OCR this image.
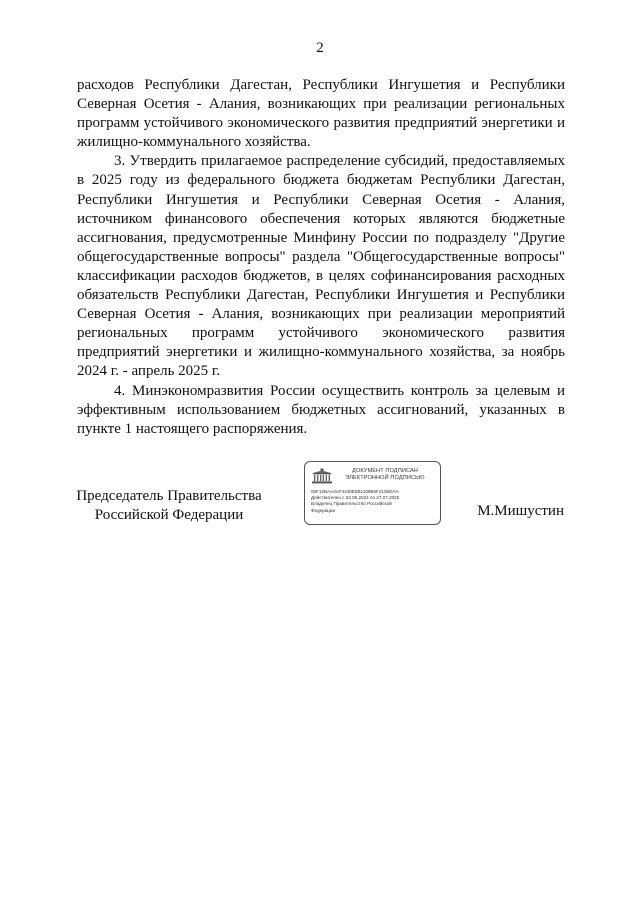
2

расходов Республики Дагестан, Республики Ингушетия и Республики Северная Осетия - Алания, возникающих при реализации региональных программ устойчивого экономического развития предприятий энергетики и жилищно-коммунального хозяйства.

3. Утвердить прилагаемое распределение субсидий, предоставляемых в 2025 году из федерального бюджета бюджетам Республики Дагестан, Республики Ингушетия и Республики Северная Осетия - Алания, источником финансового обеспечения которых являются бюджетные ассигнования, предусмотренные Минфину России по подразделу "Другие общегосударственные вопросы" раздела "Общегосударственные вопросы" классификации расходов бюджетов, в целях софинансирования расходных обязательств Республики Дагестан, Республики Ингушетия и Республики Северная Осетия - Алания, возникающих при реализации мероприятий региональных программ устойчивого экономического развития предприятий энергетики и жилищно-коммунального хозяйства, за ноябрь 2024 г. - апрель 2025 г.

4. Минэкономразвития России осуществить контроль за целевым и эффективным использованием бюджетных ассигнований, указанных в пункте 1 настоящего распоряжения.

Председатель Правительства
Российской Федерации
ДОКУМЕНТ ПОДПИСАН
ЭЛЕКТРОННОЙ ПОДПИСЬЮ
00F12BAA4AF4248E5B1109B6F2106DAA
Действителен с 03.05.2024 по 27.07.2025
Владелец Правительство Российской
Федерации	М.Мишустин
